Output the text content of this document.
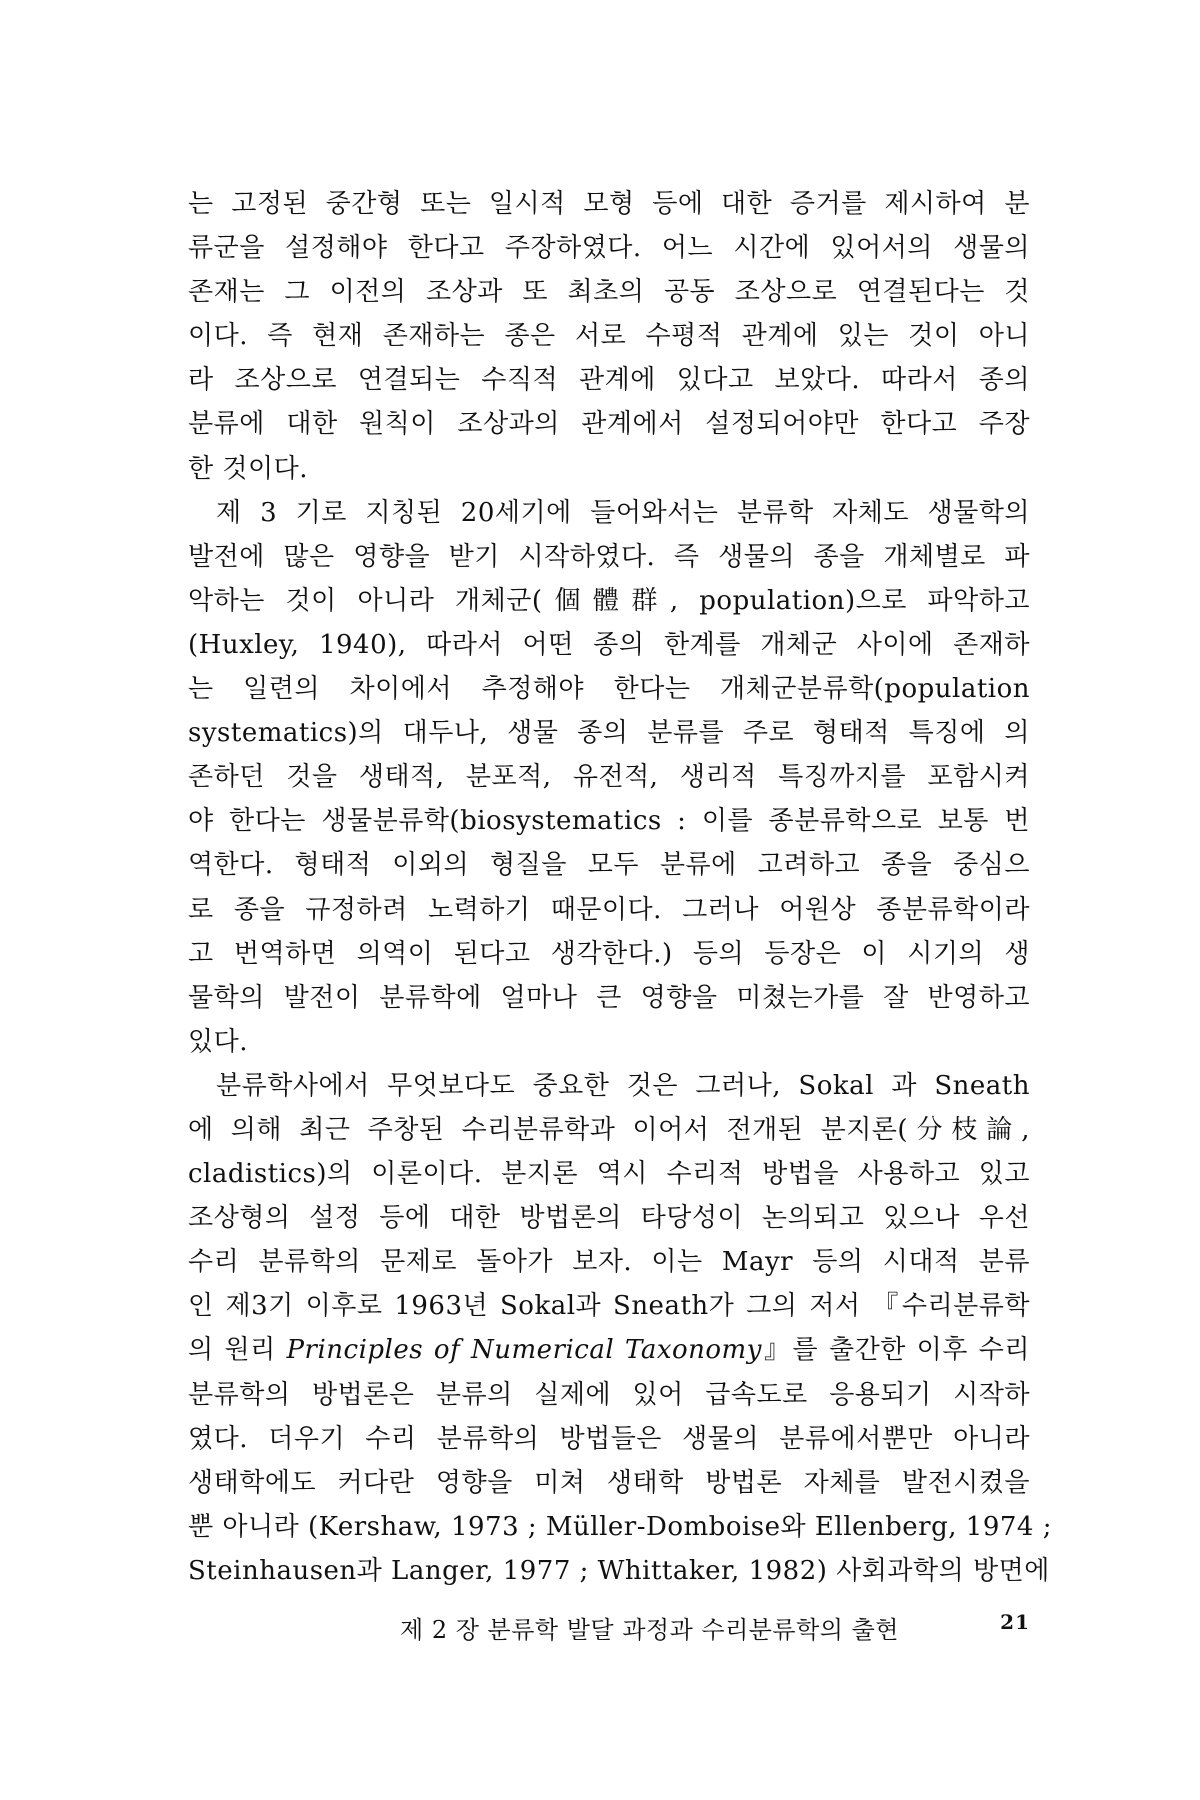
는 고정된 중간형 또는 일시적 모형 등에 대한 증거를 제시하여 분
류군을 설정해야 한다고 주장하였다. 어느 시간에 있어서의 생물의
존재는 그 이전의 조상과 또 최초의 공동 조상으로 연결된다는 것
이다. 즉 현재 존재하는 종은 서로 수평적 관계에 있는 것이 아니
라 조상으로 연결되는 수직적 관계에 있다고 보았다. 따라서 종의
분류에 대한 원칙이 조상과의 관계에서 설정되어야만 한다고 주장
한 것이다.
제 3 기로 지칭된 20세기에 들어와서는 분류학 자체도 생물학의
발전에 많은 영향을 받기 시작하였다. 즉 생물의 종을 개체별로 파
악하는 것이 아니라 개체군(個體群, population)으로 파악하고
(Huxley, 1940), 따라서 어떤 종의 한계를 개체군 사이에 존재하
는 일련의 차이에서 추정해야 한다는 개체군분류학(population
systematics)의 대두나, 생물 종의 분류를 주로 형태적 특징에 의
존하던 것을 생태적, 분포적, 유전적, 생리적 특징까지를 포함시켜
야 한다는 생물분류학(biosystematics : 이를 종분류학으로 보통 번
역한다. 형태적 이외의 형질을 모두 분류에 고려하고 종을 중심으
로 종을 규정하려 노력하기 때문이다. 그러나 어원상 종분류학이라
고 번역하면 의역이 된다고 생각한다.) 등의 등장은 이 시기의 생
물학의 발전이 분류학에 얼마나 큰 영향을 미쳤는가를 잘 반영하고
있다.
분류학사에서 무엇보다도 중요한 것은 그러나, Sokal 과 Sneath
에 의해 최근 주창된 수리분류학과 이어서 전개된 분지론(分枝論,
cladistics)의 이론이다. 분지론 역시 수리적 방법을 사용하고 있고
조상형의 설정 등에 대한 방법론의 타당성이 논의되고 있으나 우선
수리 분류학의 문제로 돌아가 보자. 이는 Mayr 등의 시대적 분류
인 제3기 이후로 1963년 Sokal과 Sneath가 그의 저서 『수리분류학
의 원리 Principles of Numerical Taxonomy』를 출간한 이후 수리
분류학의 방법론은 분류의 실제에 있어 급속도로 응용되기 시작하
였다. 더우기 수리 분류학의 방법들은 생물의 분류에서뿐만 아니라
생태학에도 커다란 영향을 미쳐 생태학 방법론 자체를 발전시켰을
뿐 아니라 (Kershaw, 1973 ; Müller-Domboise와 Ellenberg, 1974 ;
Steinhausen과 Langer, 1977 ; Whittaker, 1982) 사회과학의 방면에
제 2 장 분류학 발달 과정과 수리분류학의 출현	21
